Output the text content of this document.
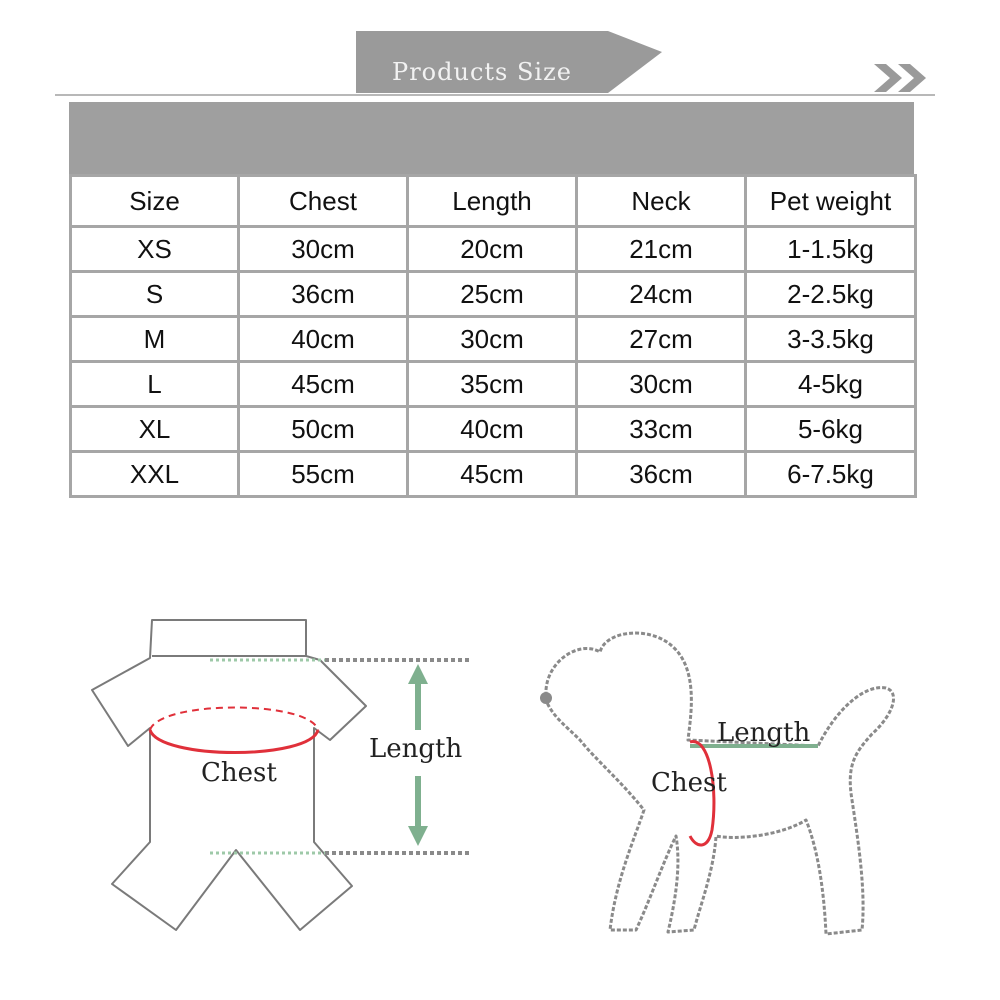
Products Size
Size	Chest	Length	Neck	Pet weight
XS	30cm	20cm	21cm	1-1.5kg
S	36cm	25cm	24cm	2-2.5kg
M	40cm	30cm	27cm	3-3.5kg
L	45cm	35cm	30cm	4-5kg
XL	50cm	40cm	33cm	5-6kg
XXL	55cm	45cm	36cm	6-7.5kg
Chest
Length
Length
Chest
